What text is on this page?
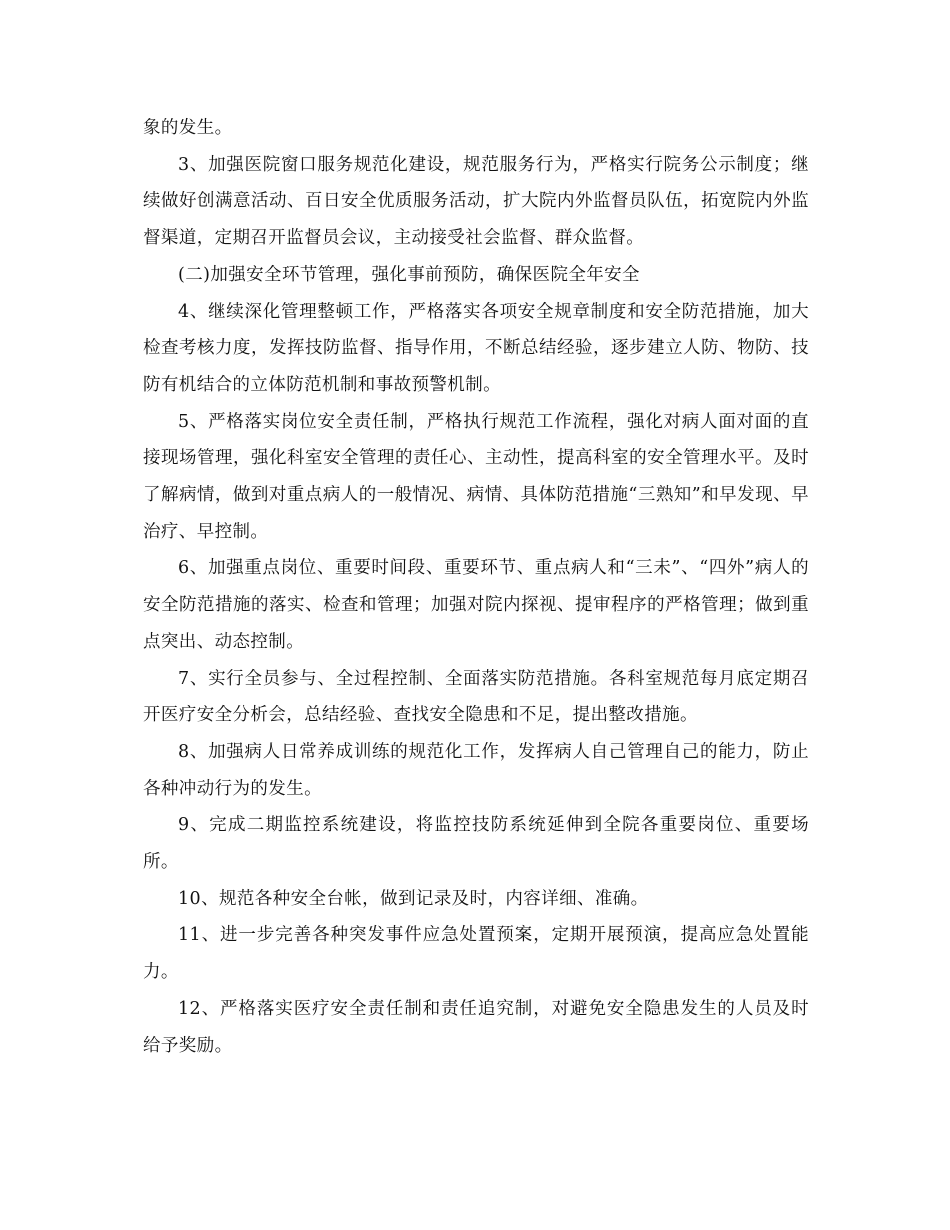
象的发生。

3、加强医院窗口服务规范化建设，规范服务行为，严格实行院务公示制度；继续做好创满意活动、百日安全优质服务活动，扩大院内外监督员队伍，拓宽院内外监督渠道，定期召开监督员会议，主动接受社会监督、群众监督。

(二)加强安全环节管理，强化事前预防，确保医院全年安全

4、继续深化管理整顿工作，严格落实各项安全规章制度和安全防范措施，加大检查考核力度，发挥技防监督、指导作用，不断总结经验，逐步建立人防、物防、技防有机结合的立体防范机制和事故预警机制。

5、严格落实岗位安全责任制，严格执行规范工作流程，强化对病人面对面的直接现场管理，强化科室安全管理的责任心、主动性，提高科室的安全管理水平。及时了解病情，做到对重点病人的一般情况、病情、具体防范措施“三熟知”和早发现、早治疗、早控制。

6、加强重点岗位、重要时间段、重要环节、重点病人和“三未”、“四外”病人的安全防范措施的落实、检查和管理；加强对院内探视、提审程序的严格管理；做到重点突出、动态控制。

7、实行全员参与、全过程控制、全面落实防范措施。各科室规范每月底定期召开医疗安全分析会，总结经验、查找安全隐患和不足，提出整改措施。

8、加强病人日常养成训练的规范化工作，发挥病人自己管理自己的能力，防止各种冲动行为的发生。

9、完成二期监控系统建设，将监控技防系统延伸到全院各重要岗位、重要场所。

10、规范各种安全台帐，做到记录及时，内容详细、准确。

11、进一步完善各种突发事件应急处置预案，定期开展预演，提高应急处置能力。

12、严格落实医疗安全责任制和责任追究制，对避免安全隐患发生的人员及时给予奖励。
